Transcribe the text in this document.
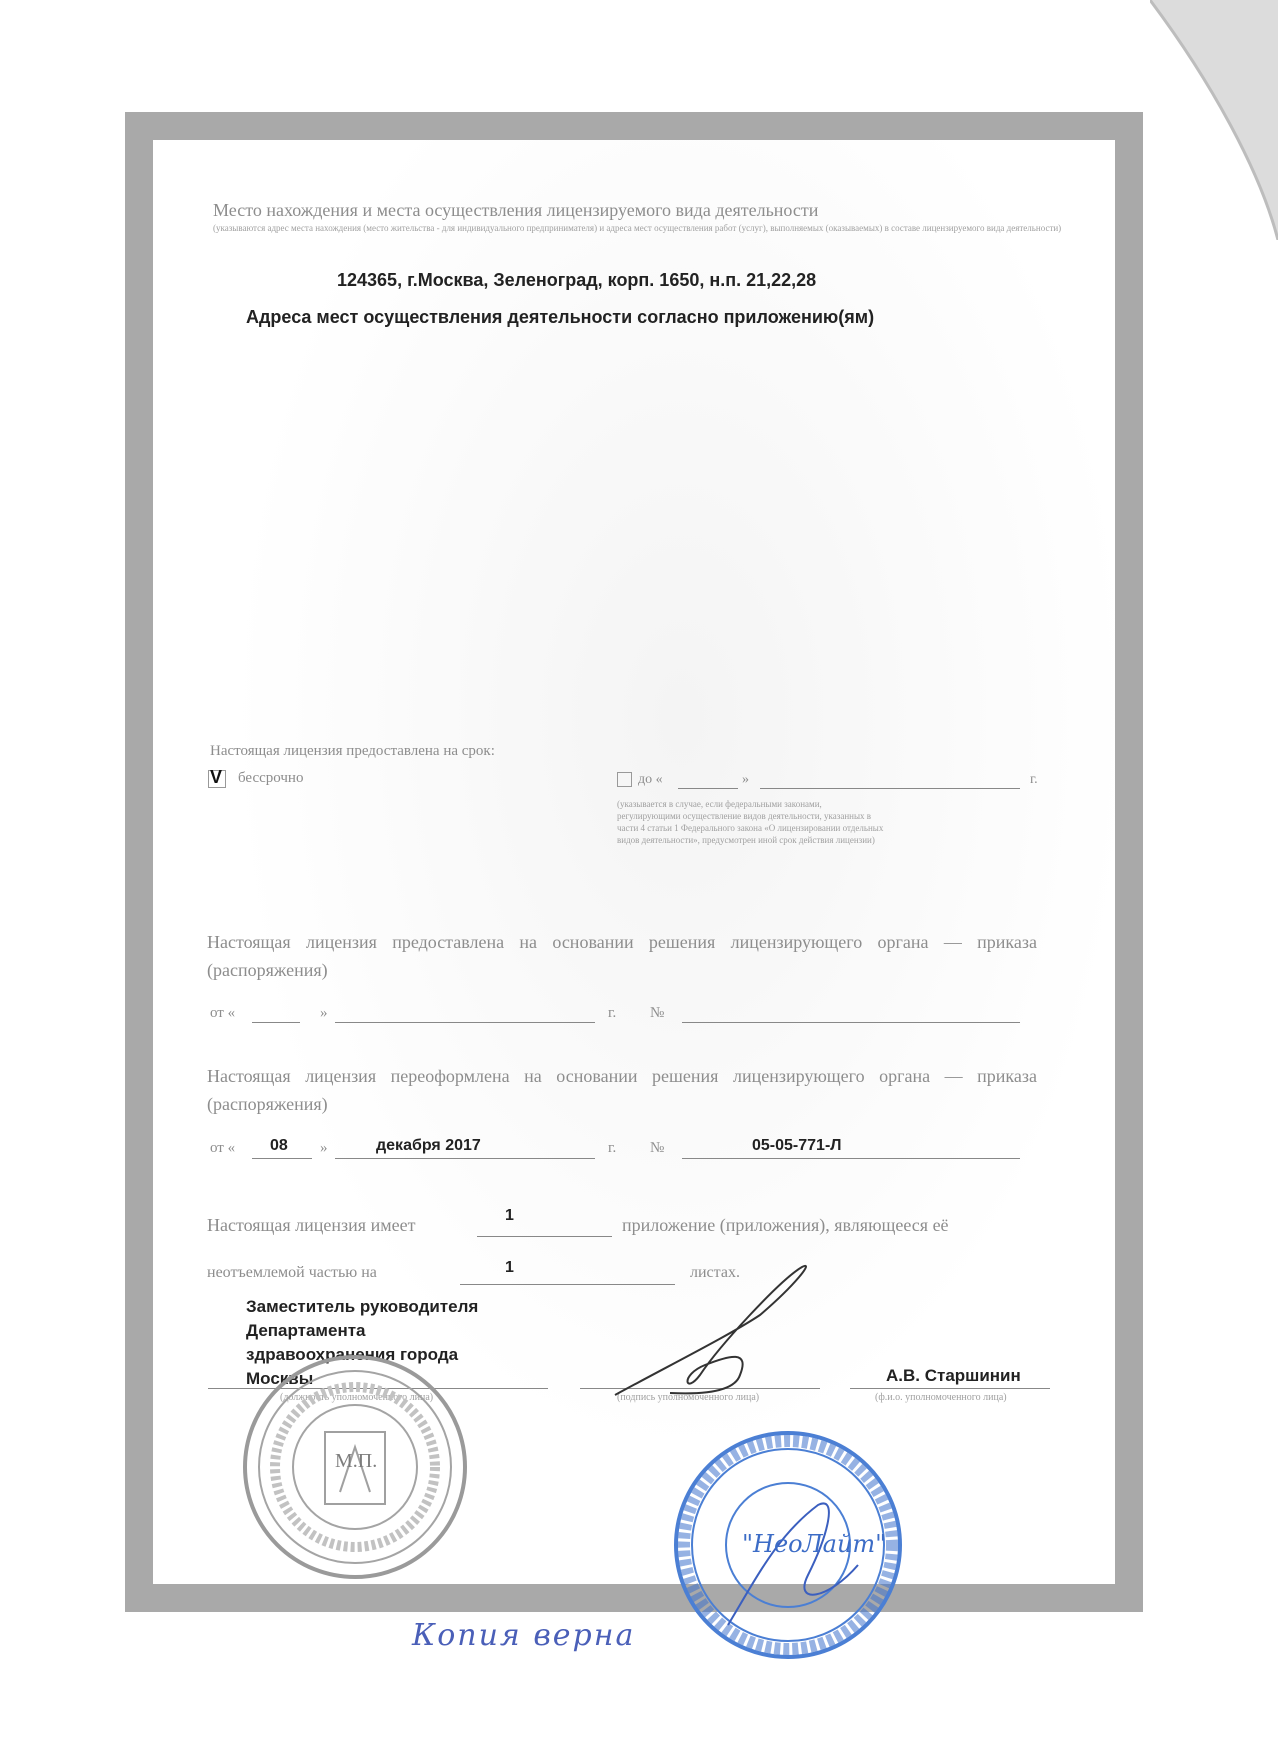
Место нахождения и места осуществления лицензируемого вида деятельности
(указываются адрес места нахождения (место жительства - для индивидуального предпринимателя) и адреса мест осуществления работ (услуг), выполняемых (оказываемых) в составе лицензируемого вида деятельности)
124365, г.Москва, Зеленоград, корп. 1650, н.п. 21,22,28
Адреса мест осуществления деятельности согласно приложению(ям)
Настоящая лицензия предоставлена на срок:
V бессрочно	до «	»	г.
(указывается в случае, если федеральными законами, регулирующими осуществление видов деятельности, указанных в части 4 статьи 1 Федерального закона «О лицензировании отдельных видов деятельности», предусмотрен иной срок действия лицензии)
Настоящая лицензия предоставлена на основании решения лицензирующего органа — приказа (распоряжения)
от «	»	г. №
Настоящая лицензия переоформлена на основании решения лицензирующего органа — приказа (распоряжения)
от « 08 »	декабря 2017	г. №	05-05-771-Л
Настоящая лицензия имеет	1	приложение (приложения), являющееся её
неотъемлемой частью на	1	листах.
Заместитель руководителя
Департамента
здравоохранения города
Москвы
(должность уполномоченного лица)	(подпись уполномоченного лица)
А.В. Старшинин
(ф.и.о. уполномоченного лица)
М.П.
"НеоЛайт"
Копия верна
